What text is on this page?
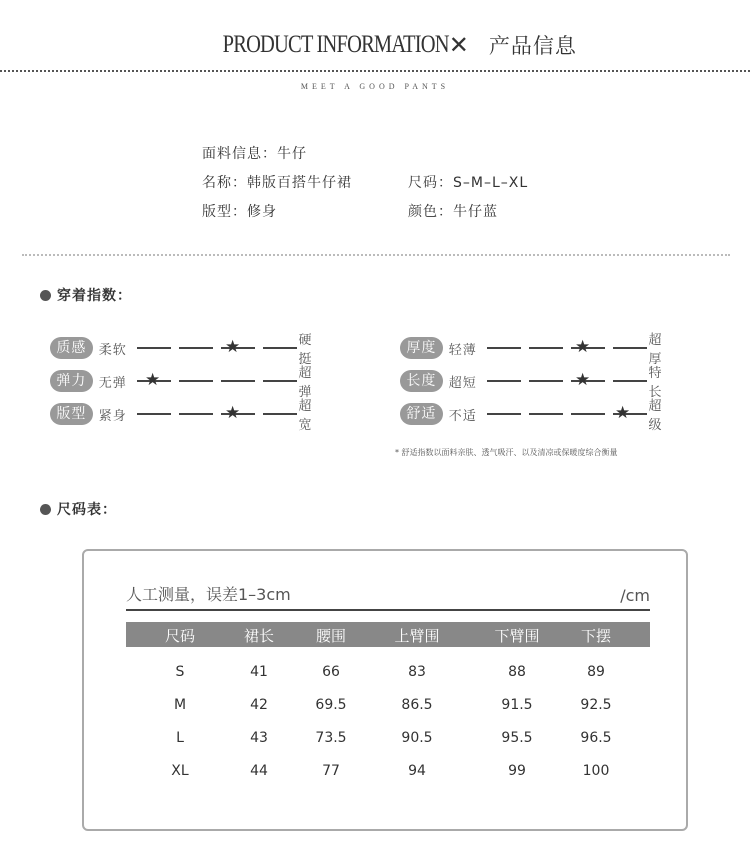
PRODUCT INFORMATION ✕ 产品信息
MEET A GOOD PANTS
面料信息：牛仔
名称：韩版百搭牛仔裙	尺码：S–M–L–XL
版型：修身	颜色：牛仔蓝
穿着指数：
质感 柔软	★	硬挺
弹力 无弹	★	超弹
版型 紧身	★	超宽
厚度 轻薄	★	超厚
长度 超短	★	特长
舒适 不适	★ 超级
* 舒适指数以面料亲肤、透气吸汗、以及清凉或保暖度综合衡量
尺码表：
人工测量，误差1–3cm	/cm
尺码	裙长	腰围	上臂围	下臂围	下摆
S	41	66	83	88	89
M	42	69.5	86.5	91.5	92.5
L	43	73.5	90.5	95.5	96.5
XL	44	77	94	99	100
